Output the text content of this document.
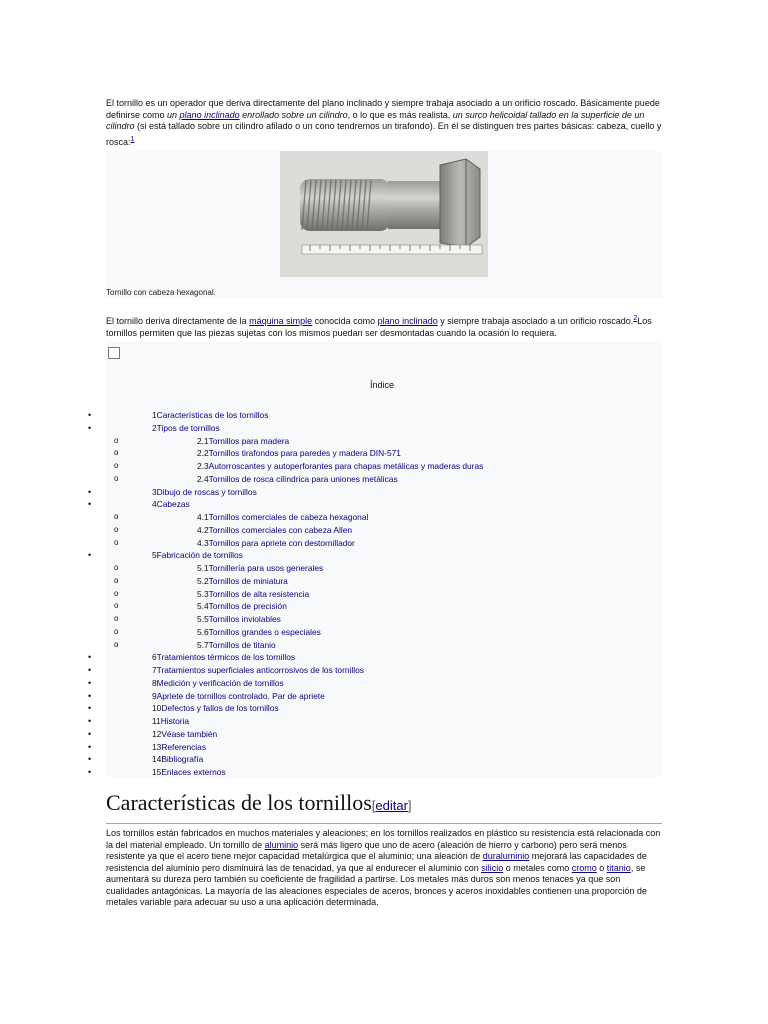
El tornillo es un operador que deriva directamente del plano inclinado y siempre trabaja asociado a un orificio roscado. Básicamente puede definirse como un plano inclinado enrollado sobre un cilindro, o lo que es más realista, un surco helicoidal tallado en la superficie de un cilindro (si está tallado sobre un cilindro afilado o un cono tendremos un tirafondo). En él se distinguen tres partes básicas: cabeza, cuello y rosca:$^1$
Tornillo con cabeza hexagonal.
El tornillo deriva directamente de la máquina simple conocida como plano inclinado y siempre trabaja asociado a un orificio roscado.$^2$Los tornillos permiten que las piezas sujetas con los mismos puedan ser desmontadas cuando la ocasión lo requiera.
Índice
•	1Características de los tornillos
•	2Tipos de tornillos
o	2.1Tornillos para madera
o	2.2Tornillos tirafondos para paredes y madera DIN-571
o	2.3Autorroscantes y autoperforantes para chapas metálicas y maderas duras
o	2.4Tornillos de rosca cilíndrica para uniones metálicas
•	3Dibujo de roscas y tornillos
•	4Cabezas
o	4.1Tornillos comerciales de cabeza hexagonal
o	4.2Tornillos comerciales con cabeza Allen
o	4.3Tornillos para apriete con destornillador
•	5Fabricación de tornillos
o	5.1Tornillería para usos generales
o	5.2Tornillos de miniatura
o	5.3Tornillos de alta resistencia
o	5.4Tornillos de precisión
o	5.5Tornillos inviolables
o	5.6Tornillos grandes o especiales
o	5.7Tornillos de titanio
•	6Tratamientos térmicos de los tornillos
•	7Tratamientos superficiales anticorrosivos de los tornillos
•	8Medición y verificación de tornillos
•	9Apriete de tornillos controlado. Par de apriete
•	10Defectos y fallos de los tornillos
•	11Historia
•	12Véase también
•	13Referencias
•	14Bibliografía
•	15Enlaces externos
Características de los tornillos[editar]
Los tornillos están fabricados en muchos materiales y aleaciones; en los tornillos realizados en plástico su resistencia está relacionada con la del material empleado. Un tornillo de aluminio será más ligero que uno de acero (aleación de hierro y carbono) pero será menos resistente ya que el acero tiene mejor capacidad metalúrgica que el aluminio; una aleación de duraluminio mejorará las capacidades de resistencia del aluminio pero disminuirá las de tenacidad, ya que al endurecer el aluminio con silicio o metales como cromo o titanio, se aumentará su dureza pero también su coeficiente de fragilidad a partirse. Los metales más duros son menos tenaces ya que son cualidades antagónicas. La mayoría de las aleaciones especiales de aceros, bronces y aceros inoxidables contienen una proporción de metales variable para adecuar su uso a una aplicación determinada.
